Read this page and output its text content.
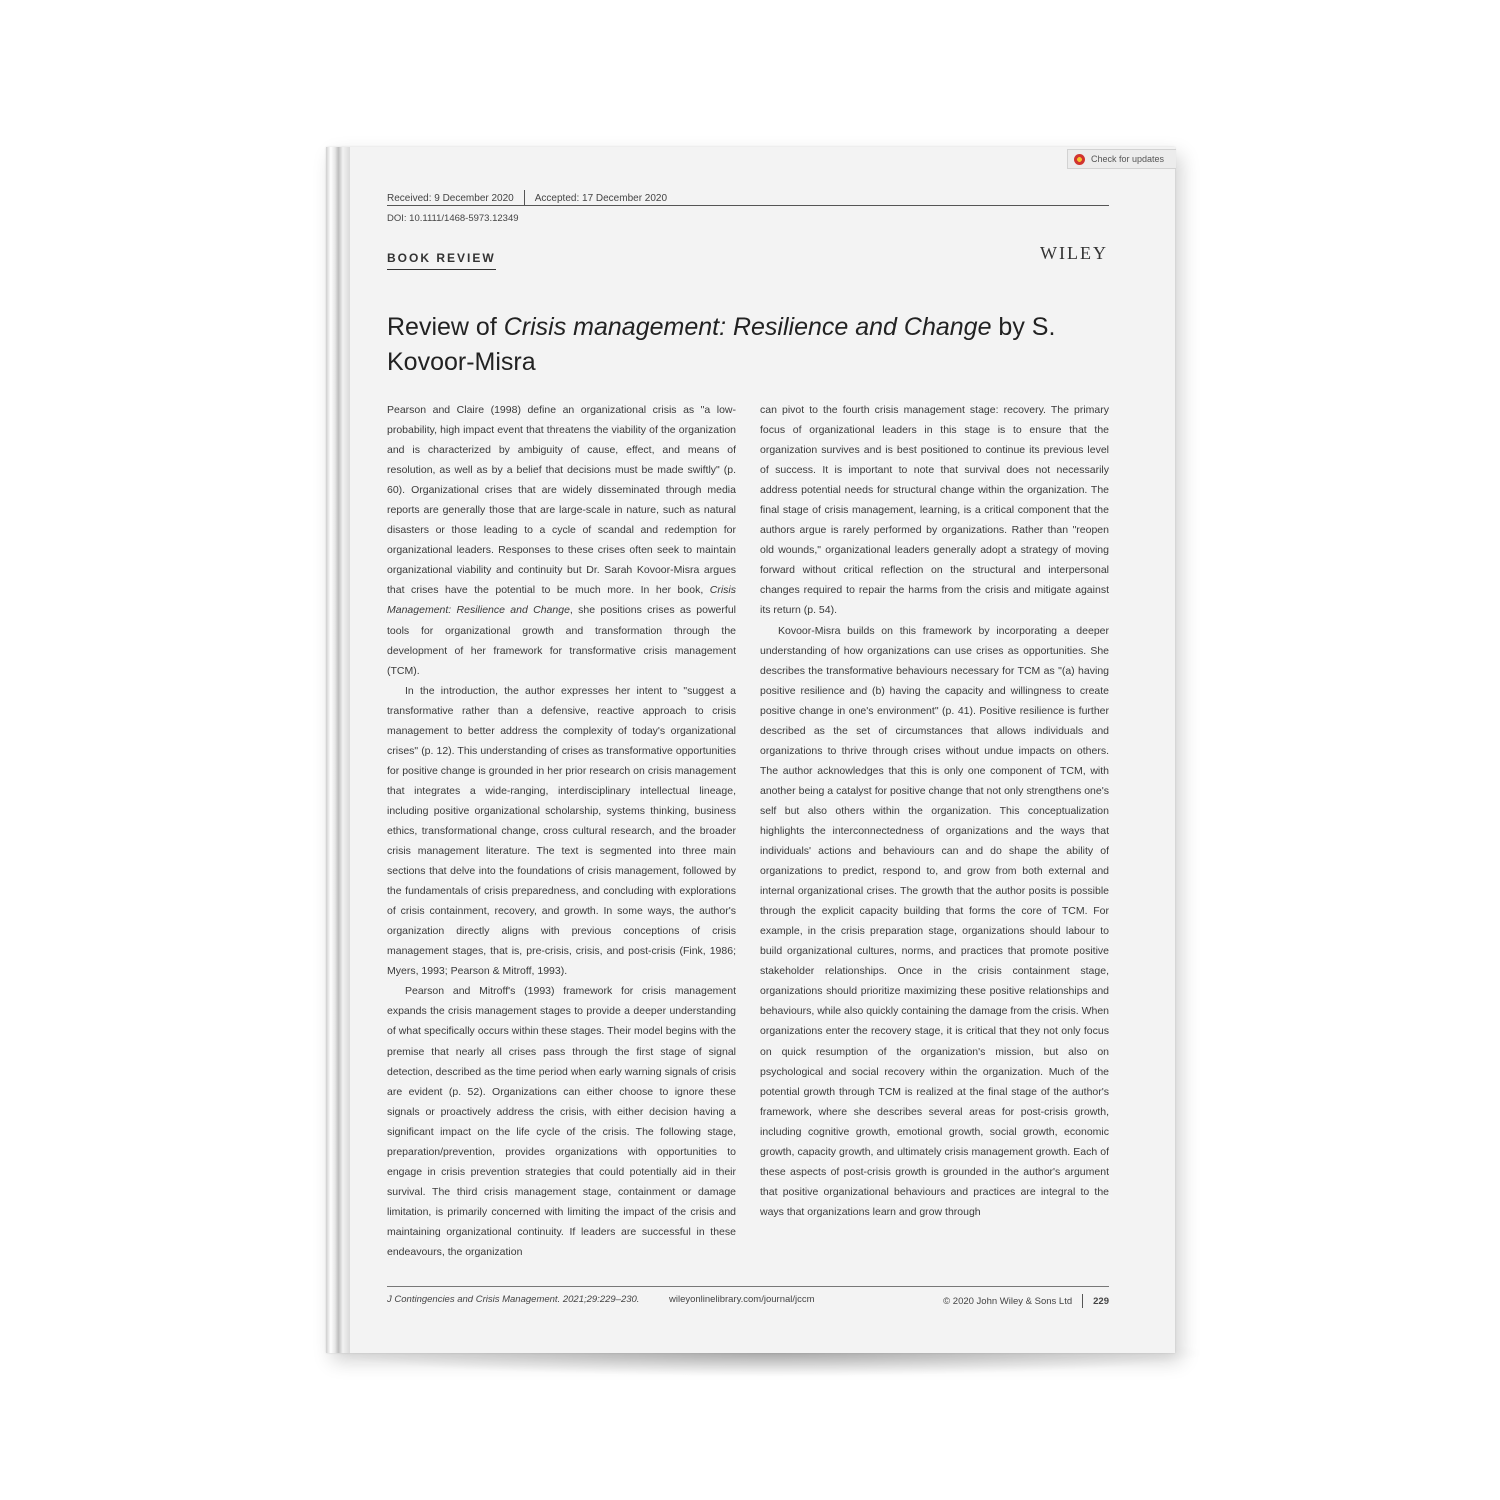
Check for updates
Received: 9 December 2020 Accepted: 17 December 2020
DOI: 10.1111/1468-5973.12349
BOOK REVIEW	WILEY
Review of Crisis management: Resilience and Change by S. Kovoor-Misra

Pearson and Claire (1998) define an organizational crisis as "a low-probability, high impact event that threatens the viability of the organization and is characterized by ambiguity of cause, effect, and means of resolution, as well as by a belief that decisions must be made swiftly" (p. 60). Organizational crises that are widely disseminated through media reports are generally those that are large-scale in nature, such as natural disasters or those leading to a cycle of scandal and redemption for organizational leaders. Responses to these crises often seek to maintain organizational viability and continuity but Dr. Sarah Kovoor-Misra argues that crises have the potential to be much more. In her book, Crisis Management: Resilience and Change, she positions crises as powerful tools for organizational growth and transformation through the development of her framework for transformative crisis management (TCM).

In the introduction, the author expresses her intent to "suggest a transformative rather than a defensive, reactive approach to crisis management to better address the complexity of today's organizational crises" (p. 12). This understanding of crises as transformative opportunities for positive change is grounded in her prior research on crisis management that integrates a wide-ranging, interdisciplinary intellectual lineage, including positive organizational scholarship, systems thinking, business ethics, transformational change, cross cultural research, and the broader crisis management literature. The text is segmented into three main sections that delve into the foundations of crisis management, followed by the fundamentals of crisis preparedness, and concluding with explorations of crisis containment, recovery, and growth. In some ways, the author's organization directly aligns with previous conceptions of crisis management stages, that is, pre-crisis, crisis, and post-crisis (Fink, 1986; Myers, 1993; Pearson & Mitroff, 1993).

Pearson and Mitroff's (1993) framework for crisis management expands the crisis management stages to provide a deeper understanding of what specifically occurs within these stages. Their model begins with the premise that nearly all crises pass through the first stage of signal detection, described as the time period when early warning signals of crisis are evident (p. 52). Organizations can either choose to ignore these signals or proactively address the crisis, with either decision having a significant impact on the life cycle of the crisis. The following stage, preparation/prevention, provides organizations with opportunities to engage in crisis prevention strategies that could potentially aid in their survival. The third crisis management stage, containment or damage limitation, is primarily concerned with limiting the impact of the crisis and maintaining organizational continuity. If leaders are successful in these endeavours, the organization

can pivot to the fourth crisis management stage: recovery. The primary focus of organizational leaders in this stage is to ensure that the organization survives and is best positioned to continue its previous level of success. It is important to note that survival does not necessarily address potential needs for structural change within the organization. The final stage of crisis management, learning, is a critical component that the authors argue is rarely performed by organizations. Rather than "reopen old wounds," organizational leaders generally adopt a strategy of moving forward without critical reflection on the structural and interpersonal changes required to repair the harms from the crisis and mitigate against its return (p. 54).

Kovoor-Misra builds on this framework by incorporating a deeper understanding of how organizations can use crises as opportunities. She describes the transformative behaviours necessary for TCM as "(a) having positive resilience and (b) having the capacity and willingness to create positive change in one's environment" (p. 41). Positive resilience is further described as the set of circumstances that allows individuals and organizations to thrive through crises without undue impacts on others. The author acknowledges that this is only one component of TCM, with another being a catalyst for positive change that not only strengthens one's self but also others within the organization. This conceptualization highlights the interconnectedness of organizations and the ways that individuals' actions and behaviours can and do shape the ability of organizations to predict, respond to, and grow from both external and internal organizational crises. The growth that the author posits is possible through the explicit capacity building that forms the core of TCM. For example, in the crisis preparation stage, organizations should labour to build organizational cultures, norms, and practices that promote positive stakeholder relationships. Once in the crisis containment stage, organizations should prioritize maximizing these positive relationships and behaviours, while also quickly containing the damage from the crisis. When organizations enter the recovery stage, it is critical that they not only focus on quick resumption of the organization's mission, but also on psychological and social recovery within the organization. Much of the potential growth through TCM is realized at the final stage of the author's framework, where she describes several areas for post-crisis growth, including cognitive growth, emotional growth, social growth, economic growth, capacity growth, and ultimately crisis management growth. Each of these aspects of post-crisis growth is grounded in the author's argument that positive organizational behaviours and practices are integral to the ways that organizations learn and grow through

J Contingencies and Crisis Management. 2021;29:229–230.	wileyonlinelibrary.com/journal/jccm	© 2020 John Wiley & Sons Ltd 229
